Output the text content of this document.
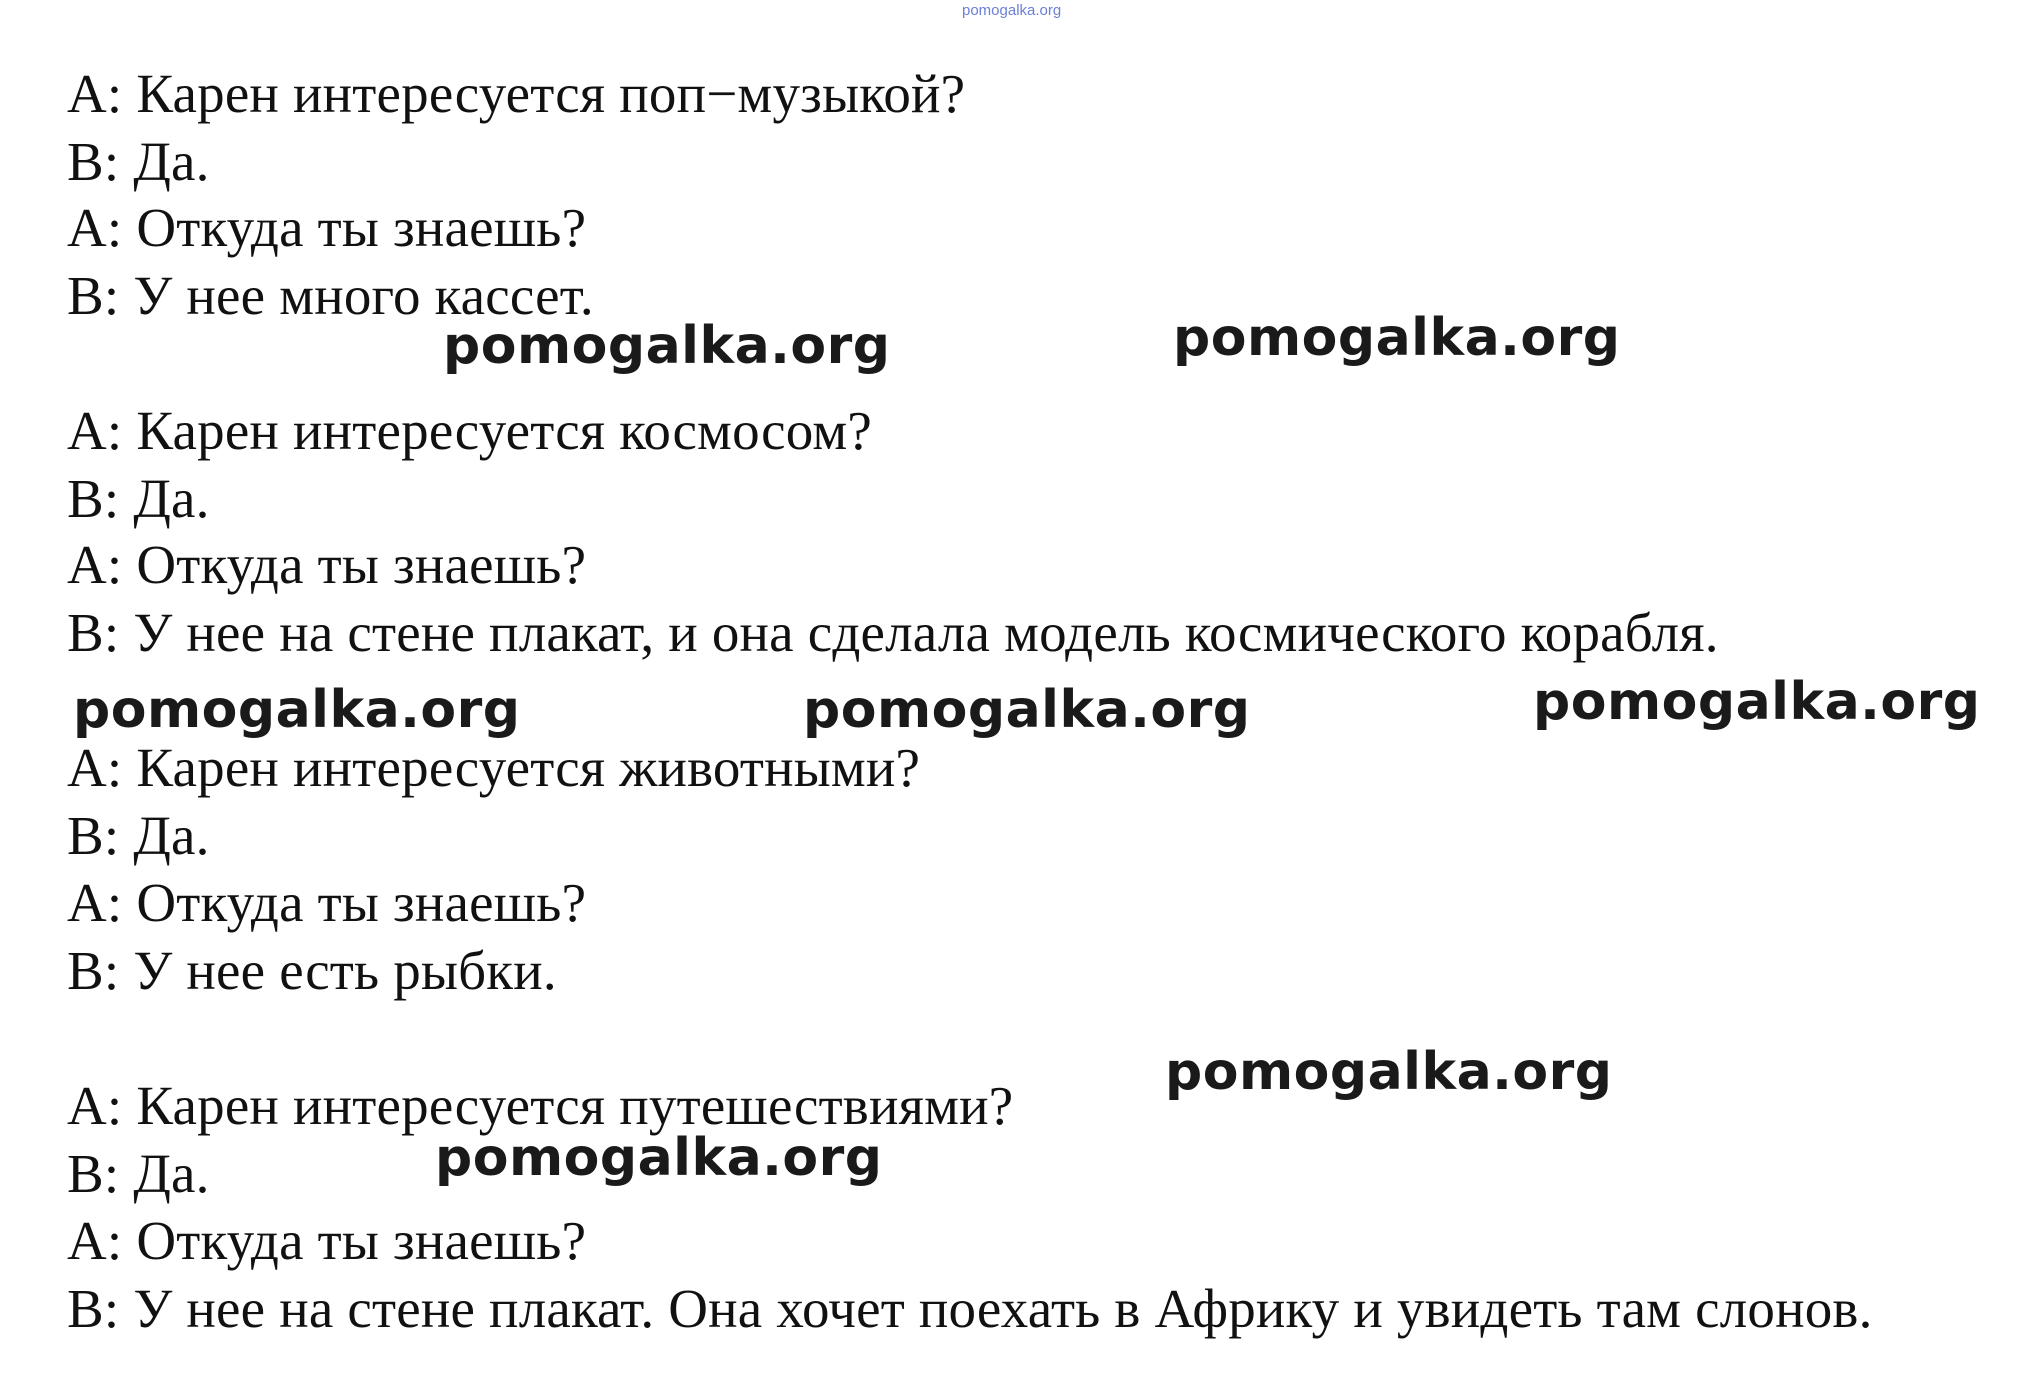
pomogalka.org
A: Карен интересуется поп−музыкой?
B: Да.
A: Откуда ты знаешь?
B: У нее много кассет.
A: Карен интересуется космосом?
B: Да.
A: Откуда ты знаешь?
B: У нее на стене плакат, и она сделала модель космического корабля.
A: Карен интересуется животными?
B: Да.
A: Откуда ты знаешь?
B: У нее есть рыбки.
A: Карен интересуется путешествиями?
B: Да.
A: Откуда ты знаешь?
B: У нее на стене плакат. Она хочет поехать в Африку и увидеть там слонов.
pomogalka.org	pomogalka.org
pomogalka.org	pomogalka.org	pomogalka.org
pomogalka.org
pomogalka.org
